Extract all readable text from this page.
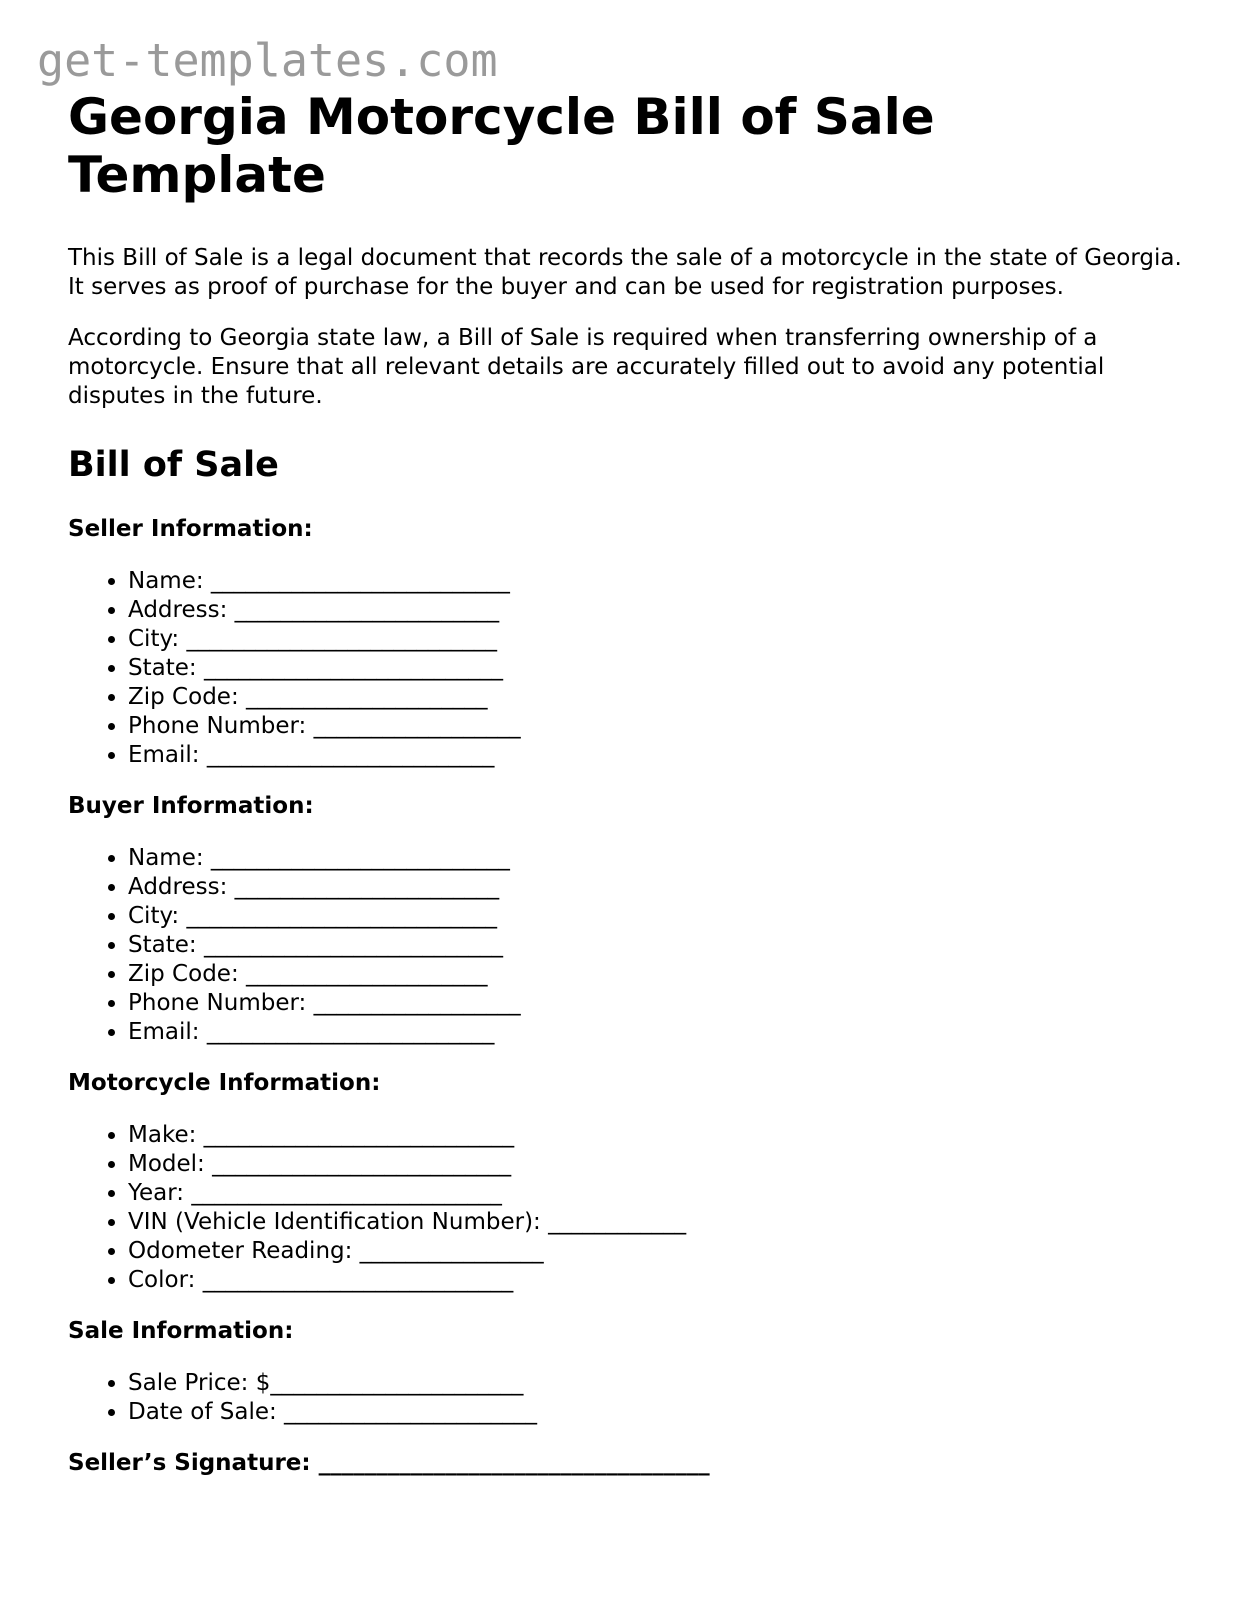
get-templates.com
Georgia Motorcycle Bill of Sale Template

This Bill of Sale is a legal document that records the sale of a motorcycle in the state of Georgia. It serves as proof of purchase for the buyer and can be used for registration purposes.

According to Georgia state law, a Bill of Sale is required when transferring ownership of a motorcycle. Ensure that all relevant details are accurately filled out to avoid any potential disputes in the future.

Bill of Sale
Seller Information:
• Name: __________________________
• Address: _______________________
• City: ___________________________
• State: __________________________
• Zip Code: _____________________
• Phone Number: __________________
• Email: _________________________
Buyer Information:
• Name: __________________________
• Address: _______________________
• City: ___________________________
• State: __________________________
• Zip Code: _____________________
• Phone Number: __________________
• Email: _________________________
Motorcycle Information:
• Make: ___________________________
• Model: __________________________
• Year: ___________________________
• VIN (Vehicle Identification Number): ____________
• Odometer Reading: ________________
• Color: ___________________________
Sale Information:
• Sale Price: $______________________
• Date of Sale: ______________________
Seller’s Signature: __________________________________
